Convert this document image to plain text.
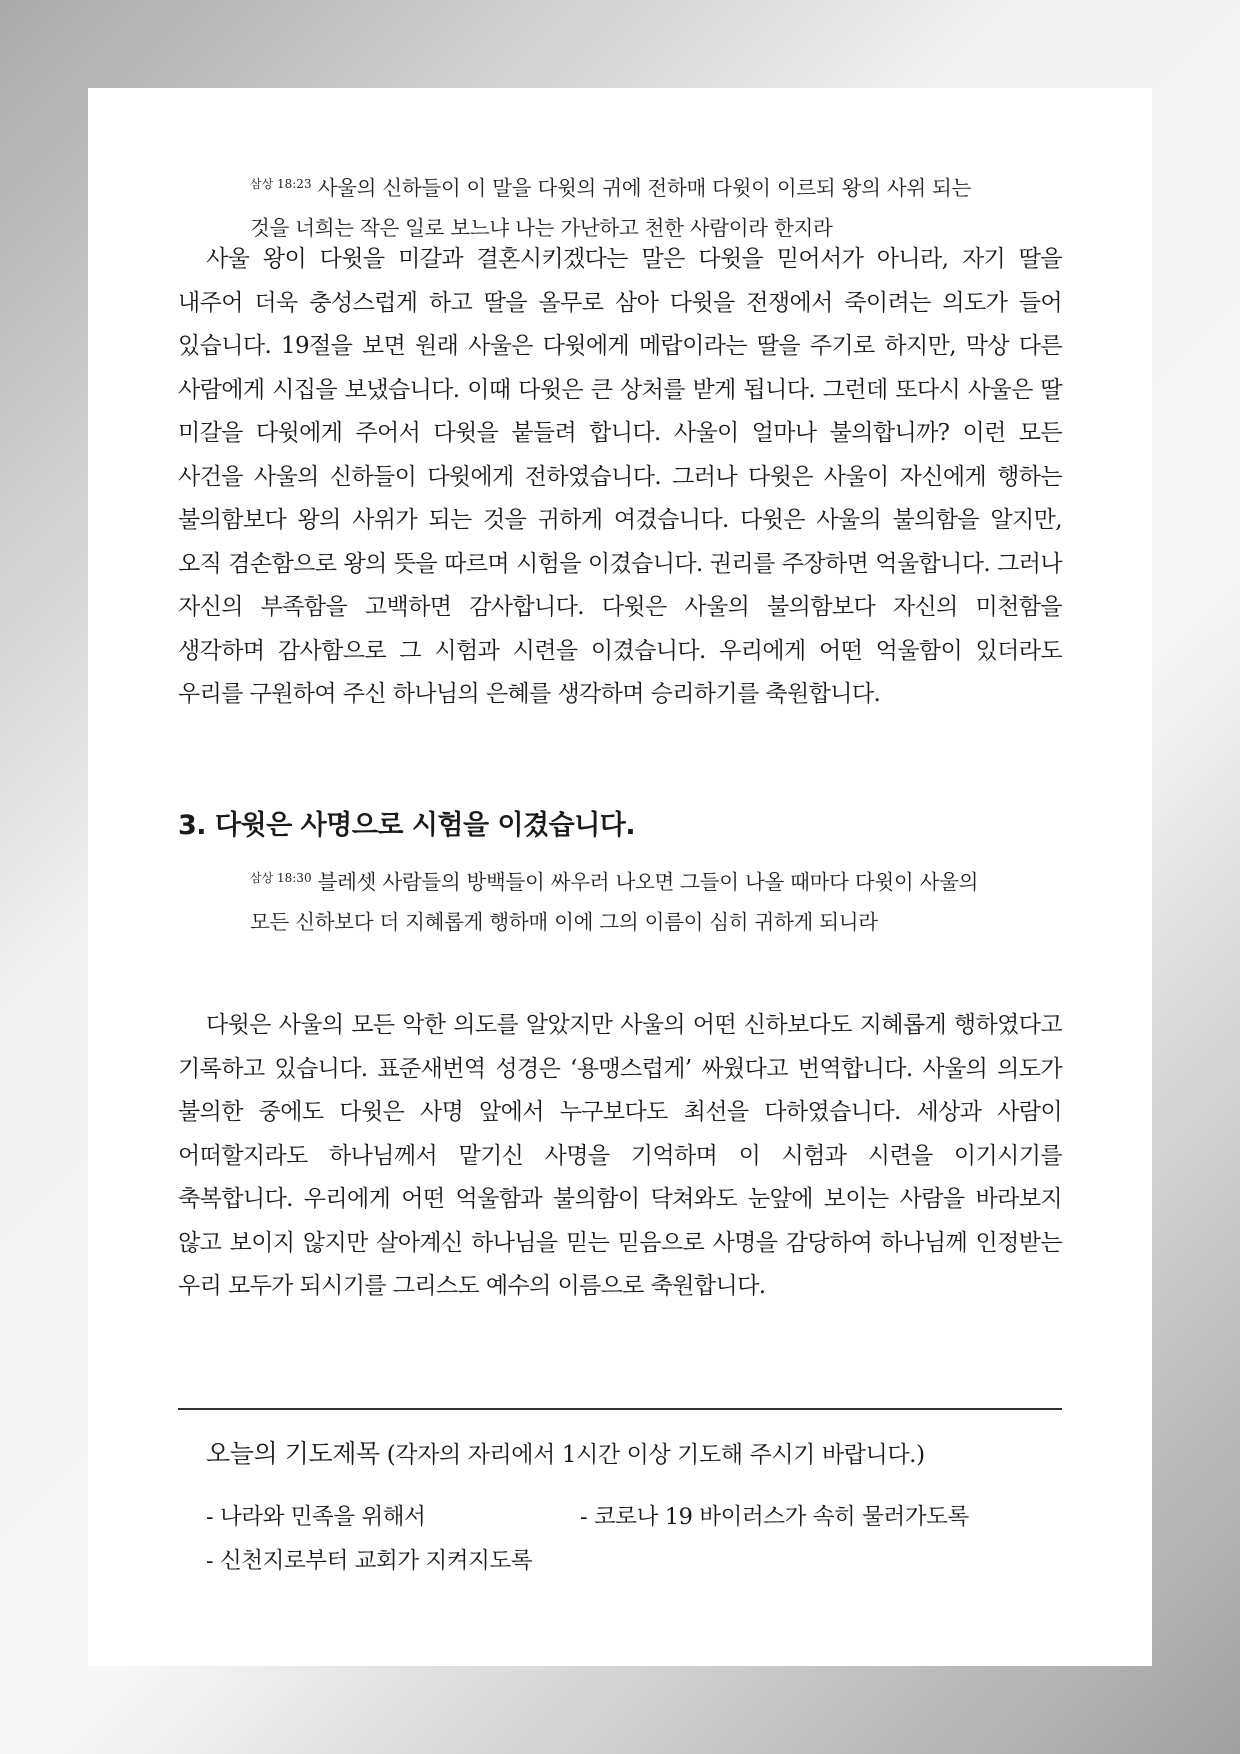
$^{삼상 18:23}$ 사울의 신하들이 이 말을 다윗의 귀에 전하매 다윗이 이르되 왕의 사위 되는 것을 너희는 작은 일로 보느냐 나는 가난하고 천한 사람이라 한지라

사울 왕이 다윗을 미갈과 결혼시키겠다는 말은 다윗을 믿어서가 아니라, 자기 딸을 내주어 더욱 충성스럽게 하고 딸을 올무로 삼아 다윗을 전쟁에서 죽이려는 의도가 들어 있습니다. 19절을 보면 원래 사울은 다윗에게 메랍이라는 딸을 주기로 하지만, 막상 다른 사람에게 시집을 보냈습니다. 이때 다윗은 큰 상처를 받게 됩니다. 그런데 또다시 사울은 딸 미갈을 다윗에게 주어서 다윗을 붙들려 합니다. 사울이 얼마나 불의합니까? 이런 모든 사건을 사울의 신하들이 다윗에게 전하였습니다. 그러나 다윗은 사울이 자신에게 행하는 불의함보다 왕의 사위가 되는 것을 귀하게 여겼습니다. 다윗은 사울의 불의함을 알지만, 오직 겸손함으로 왕의 뜻을 따르며 시험을 이겼습니다. 권리를 주장하면 억울합니다. 그러나 자신의 부족함을 고백하면 감사합니다. 다윗은 사울의 불의함보다 자신의 미천함을 생각하며 감사함으로 그 시험과 시련을 이겼습니다. 우리에게 어떤 억울함이 있더라도 우리를 구원하여 주신 하나님의 은혜를 생각하며 승리하기를 축원합니다.

3. 다윗은 사명으로 시험을 이겼습니다.
$^{삼상 18:30}$ 블레셋 사람들의 방백들이 싸우러 나오면 그들이 나올 때마다 다윗이 사울의 모든 신하보다 더 지혜롭게 행하매 이에 그의 이름이 심히 귀하게 되니라

다윗은 사울의 모든 악한 의도를 알았지만 사울의 어떤 신하보다도 지혜롭게 행하였다고 기록하고 있습니다. 표준새번역 성경은 ‘용맹스럽게’ 싸웠다고 번역합니다. 사울의 의도가 불의한 중에도 다윗은 사명 앞에서 누구보다도 최선을 다하였습니다. 세상과 사람이 어떠할지라도 하나님께서 맡기신 사명을 기억하며 이 시험과 시련을 이기시기를 축복합니다. 우리에게 어떤 억울함과 불의함이 닥쳐와도 눈앞에 보이는 사람을 바라보지 않고 보이지 않지만 살아계신 하나님을 믿는 믿음으로 사명을 감당하여 하나님께 인정받는 우리 모두가 되시기를 그리스도 예수의 이름으로 축원합니다.

오늘의 기도제목 (각자의 자리에서 1시간 이상 기도해 주시기 바랍니다.)
- 나라와 민족을 위해서	- 코로나 19 바이러스가 속히 물러가도록
- 신천지로부터 교회가 지켜지도록
